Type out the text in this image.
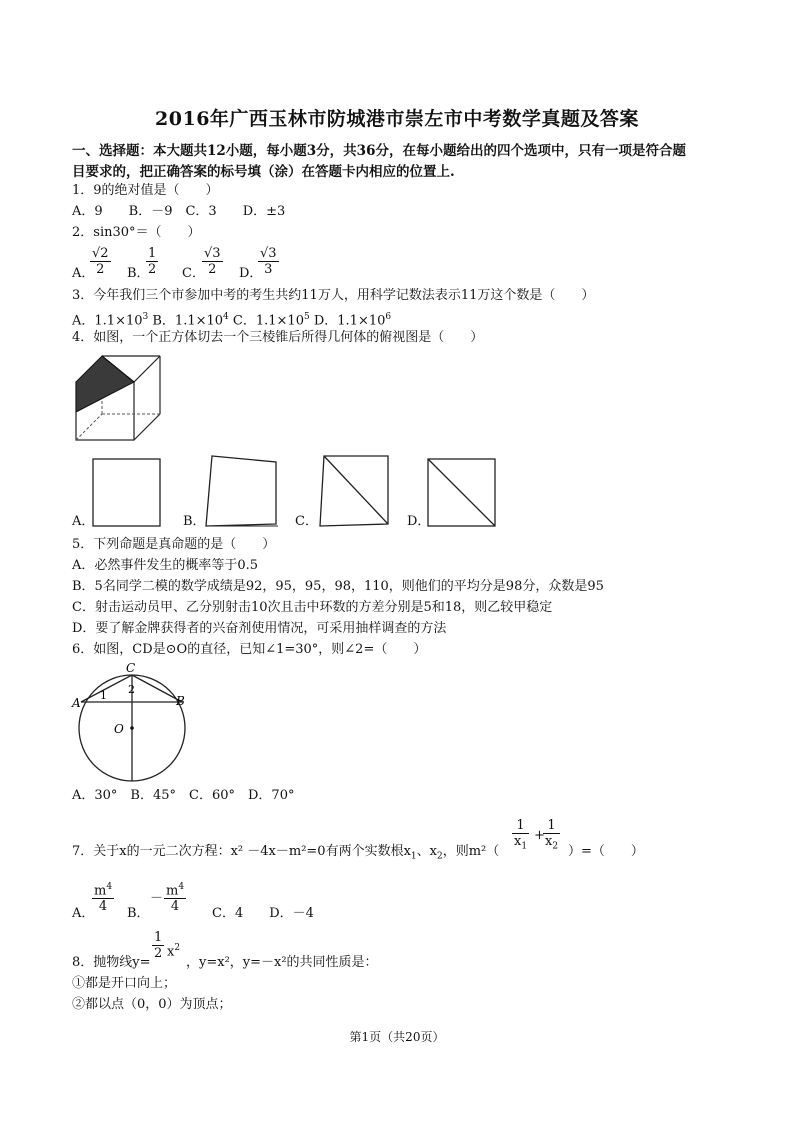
2016年广西玉林市防城港市崇左市中考数学真题及答案
一、选择题：本大题共12小题，每小题3分，共36分，在每小题给出的四个选项中，只有一项是符合题
目要求的，把正确答案的标号填（涂）在答题卡内相应的位置上.
1．9的绝对值是（　　）
A．9　　B．－9　C．3　　D．±3
2．sin30°＝（　　）
A．
$\frac{√2}{2}$ B．
$\frac{1}{2}$ C．
$\frac{√3}{2}$ D．
$\frac{√3}{3}$
3．今年我们三个市参加中考的考生共约11万人，用科学记数法表示11万这个数是（　　）
A．$1.1\times 10^3$ B．$1.1\times 10^4$ C．$1.1\times 10^5$ D．$1.1\times 10^6$
4．如图，一个正方体切去一个三棱锥后所得几何体的俯视图是（　　）
A．	B．	C．	D．
5．下列命题是真命题的是（　　）
A．必然事件发生的概率等于0.5
B．5名同学二模的数学成绩是92，95，95，98，110，则他们的平均分是98分，众数是95
C．射击运动员甲、乙分别射击10次且击中环数的方差分别是5和18，则乙较甲稳定
D．要了解金牌获得者的兴奋剂使用情况，可采用抽样调查的方法
6．如图，CD是⊙O的直径，已知∠1=30°，则∠2=（　　）
C
A	B
O
1 2
A．30°　B．45°　C．60°　D．70°
7．关于x的一元二次方程：x² －4x－m²=0有两个实数根$x_1$、$x_2$，则$m^2( \frac{1}{x_1}$ +
$\frac{1}{x_2}$ ）=（　　）
A．
$\frac{m^4}{4}$ B．
－ $\frac{m^4}{4}$ C．4　　D．－4
8．抛物线y=
$\frac{1}{2} x^2$
，y=x²，y=－x²的共同性质是：
①都是开口向上；
②都以点（0，0）为顶点；
第1页（共20页）
